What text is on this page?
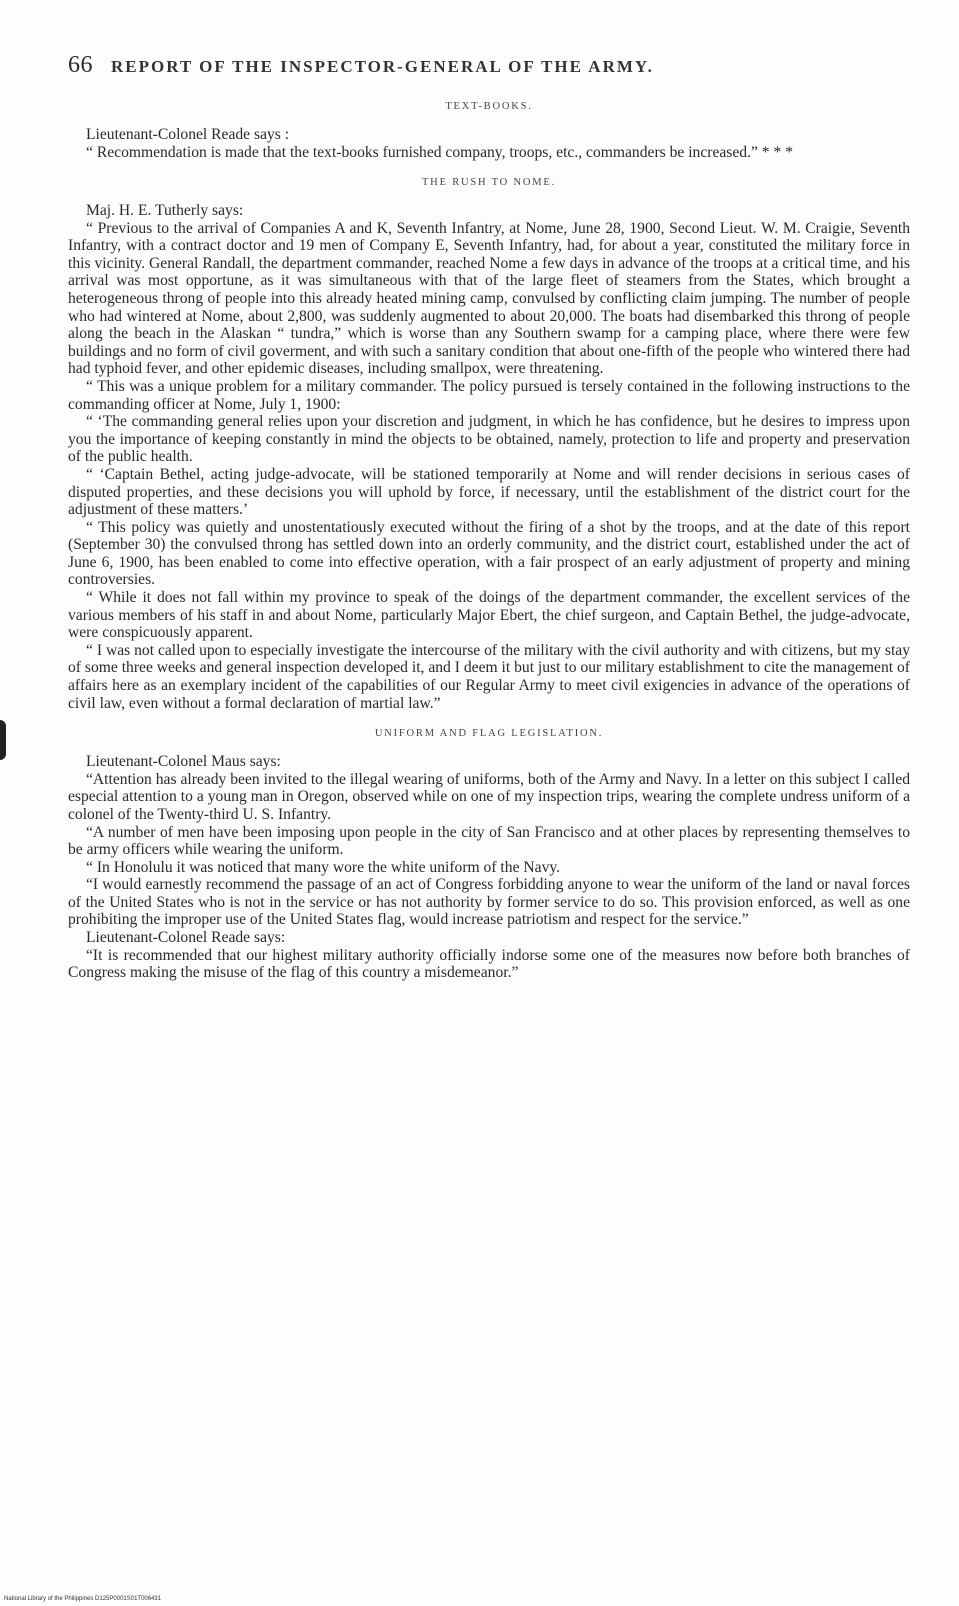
66 REPORT OF THE INSPECTOR-GENERAL OF THE ARMY.
TEXT-BOOKS.

Lieutenant-Colonel Reade says :

“ Recommendation is made that the text-books furnished company, troops, etc., commanders be increased.” * * *

THE RUSH TO NOME.

Maj. H. E. Tutherly says:

“ Previous to the arrival of Companies A and K, Seventh Infantry, at Nome, June 28, 1900, Second Lieut. W. M. Craigie, Seventh Infantry, with a contract doctor and 19 men of Company E, Seventh Infantry, had, for about a year, constituted the military force in this vicinity. General Randall, the department commander, reached Nome a few days in advance of the troops at a critical time, and his arrival was most opportune, as it was simultaneous with that of the large fleet of steamers from the States, which brought a heterogeneous throng of people into this already heated mining camp, convulsed by conflicting claim jumping. The number of people who had wintered at Nome, about 2,800, was suddenly augmented to about 20,000. The boats had disembarked this throng of people along the beach in the Alaskan “ tundra,” which is worse than any Southern swamp for a camping place, where there were few buildings and no form of civil goverment, and with such a sanitary condition that about one-fifth of the people who wintered there had had typhoid fever, and other epidemic diseases, including smallpox, were threatening.

“ This was a unique problem for a military commander. The policy pursued is tersely contained in the following instructions to the commanding officer at Nome, July 1, 1900:

“ ‘The commanding general relies upon your discretion and judgment, in which he has confidence, but he desires to impress upon you the importance of keeping constantly in mind the objects to be obtained, namely, protection to life and property and preservation of the public health.

“ ‘Captain Bethel, acting judge-advocate, will be stationed temporarily at Nome and will render decisions in serious cases of disputed properties, and these decisions you will uphold by force, if necessary, until the establishment of the district court for the adjustment of these matters.’

“ This policy was quietly and unostentatiously executed without the firing of a shot by the troops, and at the date of this report (September 30) the convulsed throng has settled down into an orderly community, and the district court, established under the act of June 6, 1900, has been enabled to come into effective operation, with a fair prospect of an early adjustment of property and mining controversies.

“ While it does not fall within my province to speak of the doings of the department commander, the excellent services of the various members of his staff in and about Nome, particularly Major Ebert, the chief surgeon, and Captain Bethel, the judge-advocate, were conspicuously apparent.

“ I was not called upon to especially investigate the intercourse of the military with the civil authority and with citizens, but my stay of some three weeks and general inspection developed it, and I deem it but just to our military establishment to cite the management of affairs here as an exemplary incident of the capabilities of our Regular Army to meet civil exigencies in advance of the operations of civil law, even without a formal declaration of martial law.”

UNIFORM AND FLAG LEGISLATION.

Lieutenant-Colonel Maus says:

“Attention has already been invited to the illegal wearing of uniforms, both of the Army and Navy. In a letter on this subject I called especial attention to a young man in Oregon, observed while on one of my inspection trips, wearing the complete undress uniform of a colonel of the Twenty-third U. S. Infantry.

“A number of men have been imposing upon people in the city of San Francisco and at other places by representing themselves to be army officers while wearing the uniform.

“ In Honolulu it was noticed that many wore the white uniform of the Navy.

“I would earnestly recommend the passage of an act of Congress forbidding anyone to wear the uniform of the land or naval forces of the United States who is not in the service or has not authority by former service to do so. This provision enforced, as well as one prohibiting the improper use of the United States flag, would increase patriotism and respect for the service.”

Lieutenant-Colonel Reade says:

“It is recommended that our highest military authority officially indorse some one of the measures now before both branches of Congress making the misuse of the flag of this country a misdemeanor.”

National Library of the Philippines D125P0001S01T006431
